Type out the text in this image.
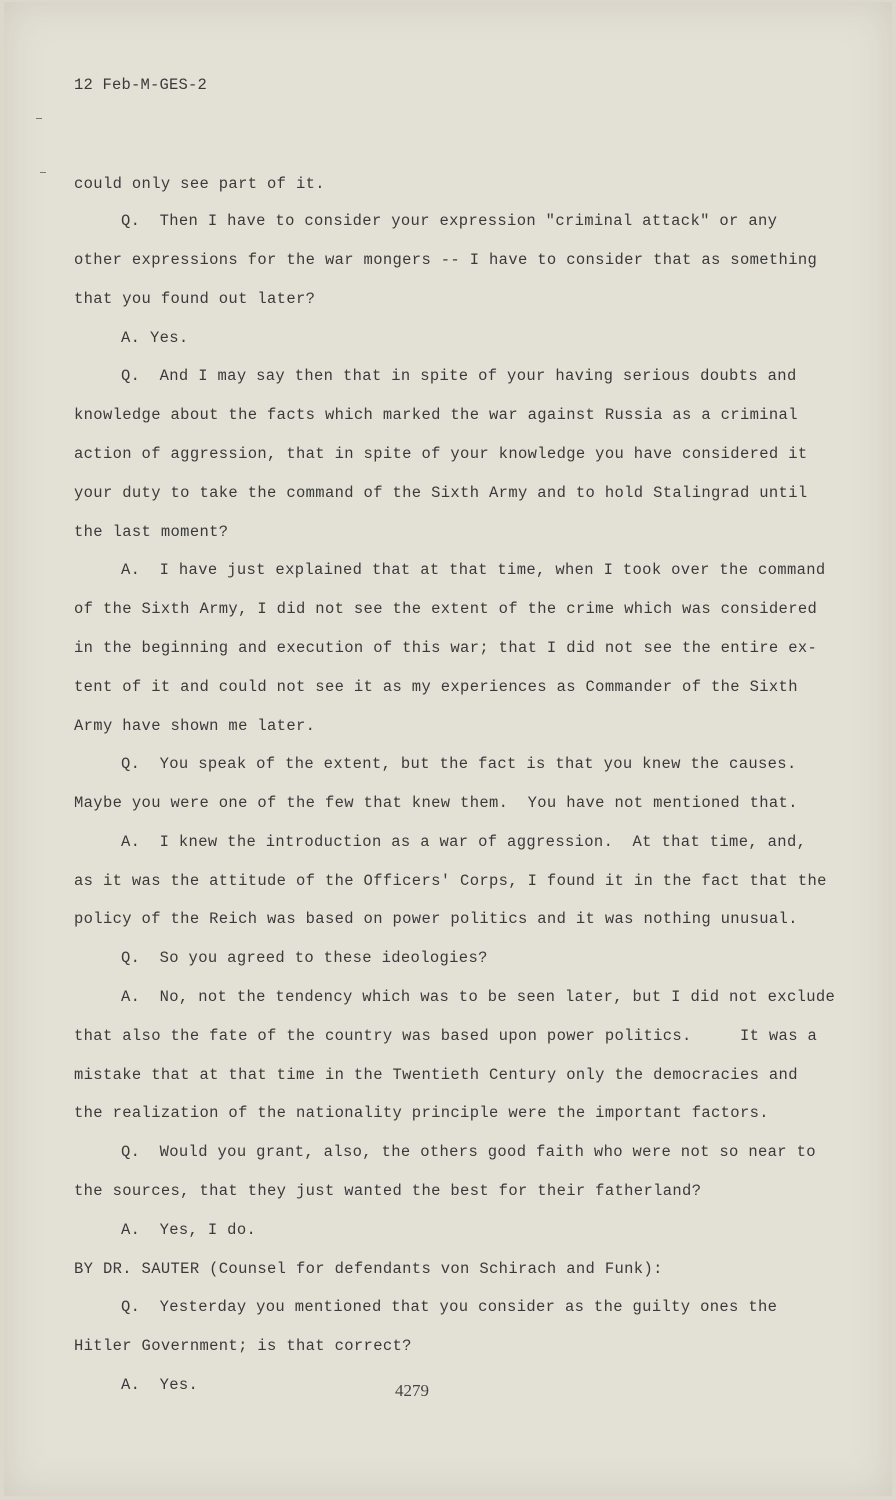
12 Feb-M-GES-2
could only see part of it.
Q.  Then I have to consider your expression "criminal attack" or any
other expressions for the war mongers -- I have to consider that as something
that you found out later?
A. Yes.
Q.  And I may say then that in spite of your having serious doubts and
knowledge about the facts which marked the war against Russia as a criminal
action of aggression, that in spite of your knowledge you have considered it
your duty to take the command of the Sixth Army and to hold Stalingrad until
the last moment?
A.  I have just explained that at that time, when I took over the command
of the Sixth Army, I did not see the extent of the crime which was considered
in the beginning and execution of this war; that I did not see the entire ex-
tent of it and could not see it as my experiences as Commander of the Sixth
Army have shown me later.
Q.  You speak of the extent, but the fact is that you knew the causes.
Maybe you were one of the few that knew them.  You have not mentioned that.
A.  I knew the introduction as a war of aggression.  At that time, and,
as it was the attitude of the Officers' Corps, I found it in the fact that the
policy of the Reich was based on power politics and it was nothing unusual.
Q.  So you agreed to these ideologies?
A.  No, not the tendency which was to be seen later, but I did not exclude
that also the fate of the country was based upon power politics.     It was a
mistake that at that time in the Twentieth Century only the democracies and
the realization of the nationality principle were the important factors.
Q.  Would you grant, also, the others good faith who were not so near to
the sources, that they just wanted the best for their fatherland?
A.  Yes, I do.
BY DR. SAUTER (Counsel for defendants von Schirach and Funk):
Q.  Yesterday you mentioned that you consider as the guilty ones the
Hitler Government; is that correct?
A.  Yes.	4279
